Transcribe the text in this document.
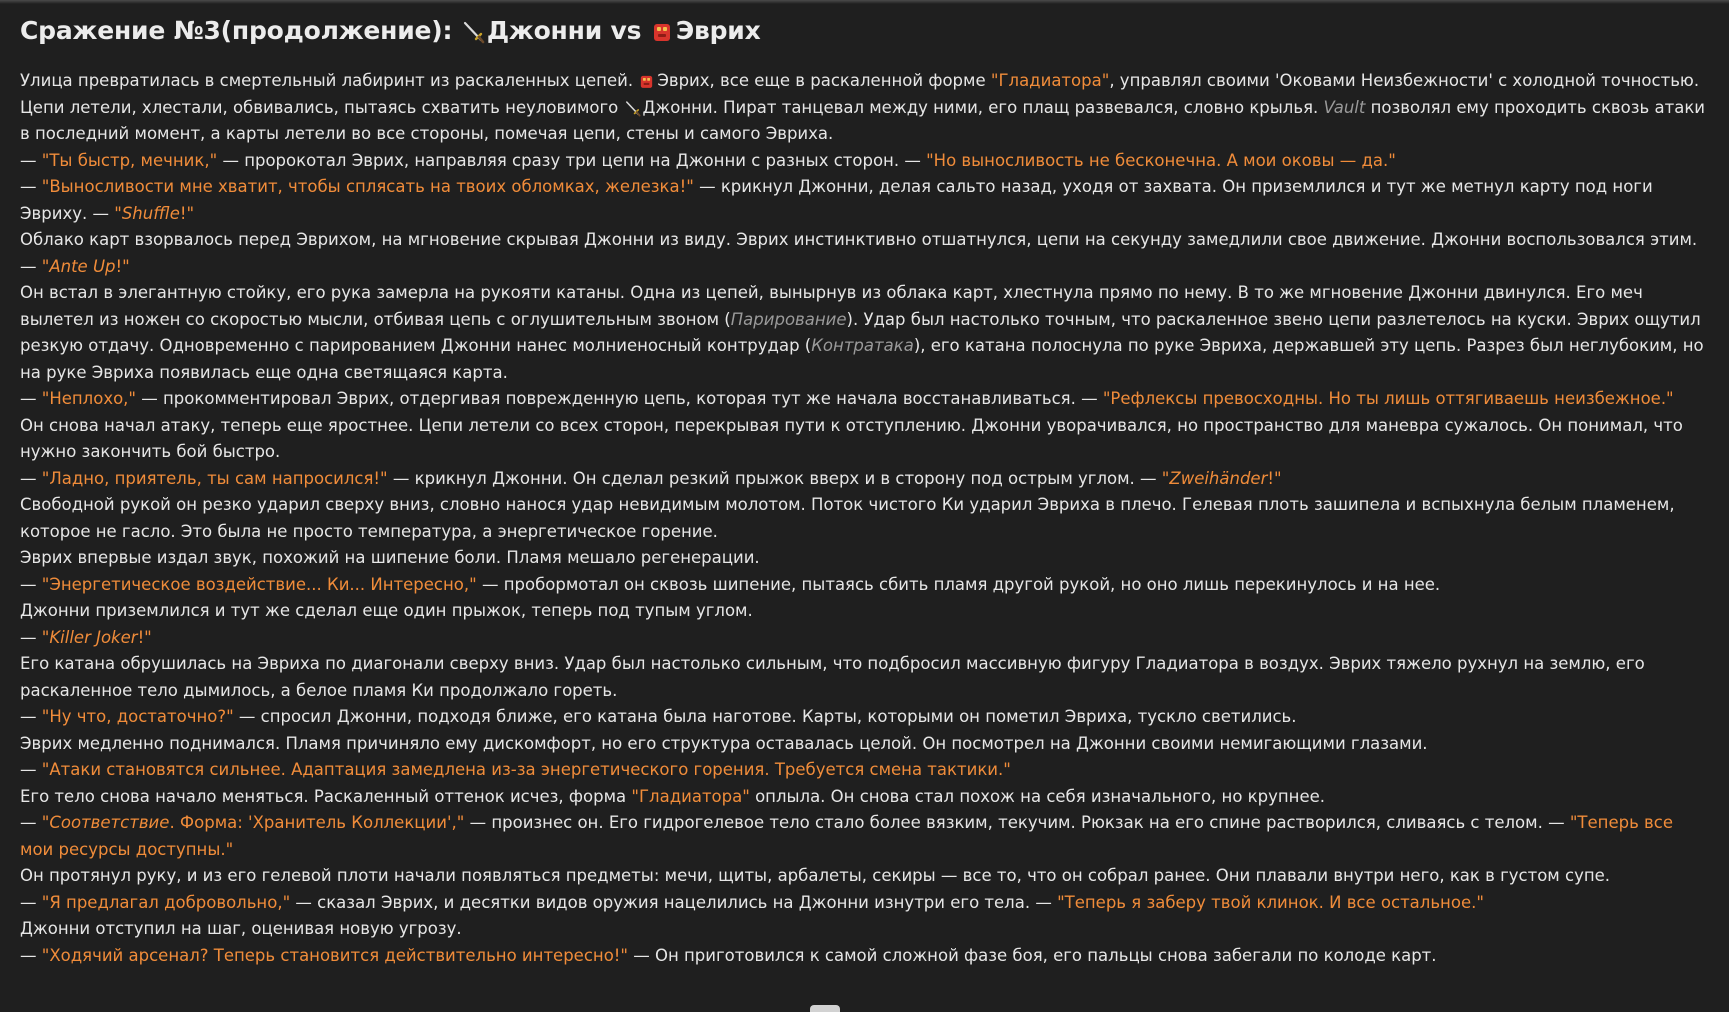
Сражение №3(продолжение):
Джонни vs
Эврих

Улица превратилась в смертельный лабиринт из раскаленных цепей.
Эврих, все еще в раскаленной форме "Гладиатора", управлял своими 'Оковами Неизбежности' с холодной точностью. Цепи летели, хлестали, обвивались, пытаясь схватить неуловимого
Джонни. Пират танцевал между ними, его плащ развевался, словно крылья. Vault позволял ему проходить сквозь атаки в последний момент, а карты летели во все стороны, помечая цепи, стены и самого Эвриха.

— "Ты быстр, мечник," — пророкотал Эврих, направляя сразу три цепи на Джонни с разных сторон. — "Но выносливость не бесконечна. А мои оковы — да."

— "Выносливости мне хватит, чтобы сплясать на твоих обломках, железка!" — крикнул Джонни, делая сальто назад, уходя от захвата. Он приземлился и тут же метнул карту под ноги Эвриху. — "Shuffle!"

Облако карт взорвалось перед Эврихом, на мгновение скрывая Джонни из виду. Эврих инстинктивно отшатнулся, цепи на секунду замедлили свое движение. Джонни воспользовался этим.

— "Ante Up!"

Он встал в элегантную стойку, его рука замерла на рукояти катаны. Одна из цепей, вынырнув из облака карт, хлестнула прямо по нему. В то же мгновение Джонни двинулся. Его меч вылетел из ножен со скоростью мысли, отбивая цепь с оглушительным звоном (Парирование). Удар был настолько точным, что раскаленное звено цепи разлетелось на куски. Эврих ощутил резкую отдачу. Одновременно с парированием Джонни нанес молниеносный контрудар (Контратака), его катана полоснула по руке Эвриха, державшей эту цепь. Разрез был неглубоким, но на руке Эвриха появилась еще одна светящаяся карта.

— "Неплохо," — прокомментировал Эврих, отдергивая поврежденную цепь, которая тут же начала восстанавливаться. — "Рефлексы превосходны. Но ты лишь оттягиваешь неизбежное."

Он снова начал атаку, теперь еще яростнее. Цепи летели со всех сторон, перекрывая пути к отступлению. Джонни уворачивался, но пространство для маневра сужалось. Он понимал, что нужно закончить бой быстро.

— "Ладно, приятель, ты сам напросился!" — крикнул Джонни. Он сделал резкий прыжок вверх и в сторону под острым углом. — "Zweihänder!"

Свободной рукой он резко ударил сверху вниз, словно нанося удар невидимым молотом. Поток чистого Ки ударил Эвриха в плечо. Гелевая плоть зашипела и вспыхнула белым пламенем, которое не гасло. Это была не просто температура, а энергетическое горение.

Эврих впервые издал звук, похожий на шипение боли. Пламя мешало регенерации.

— "Энергетическое воздействие... Ки... Интересно," — пробормотал он сквозь шипение, пытаясь сбить пламя другой рукой, но оно лишь перекинулось и на нее.

Джонни приземлился и тут же сделал еще один прыжок, теперь под тупым углом.

— "Killer Joker!"

Его катана обрушилась на Эвриха по диагонали сверху вниз. Удар был настолько сильным, что подбросил массивную фигуру Гладиатора в воздух. Эврих тяжело рухнул на землю, его раскаленное тело дымилось, а белое пламя Ки продолжало гореть.

— "Ну что, достаточно?" — спросил Джонни, подходя ближе, его катана была наготове. Карты, которыми он пометил Эвриха, тускло светились.

Эврих медленно поднимался. Пламя причиняло ему дискомфорт, но его структура оставалась целой. Он посмотрел на Джонни своими немигающими глазами.

— "Атаки становятся сильнее. Адаптация замедлена из-за энергетического горения. Требуется смена тактики."

Его тело снова начало меняться. Раскаленный оттенок исчез, форма "Гладиатора" оплыла. Он снова стал похож на себя изначального, но крупнее.

— "Соответствие. Форма: 'Хранитель Коллекции'," — произнес он. Его гидрогелевое тело стало более вязким, текучим. Рюкзак на его спине растворился, сливаясь с телом. — "Теперь все мои ресурсы доступны."

Он протянул руку, и из его гелевой плоти начали появляться предметы: мечи, щиты, арбалеты, секиры — все то, что он собрал ранее. Они плавали внутри него, как в густом супе.

— "Я предлагал добровольно," — сказал Эврих, и десятки видов оружия нацелились на Джонни изнутри его тела. — "Теперь я заберу твой клинок. И все остальное."

Джонни отступил на шаг, оценивая новую угрозу.

— "Ходячий арсенал? Теперь становится действительно интересно!" — Он приготовился к самой сложной фазе боя, его пальцы снова забегали по колоде карт.
